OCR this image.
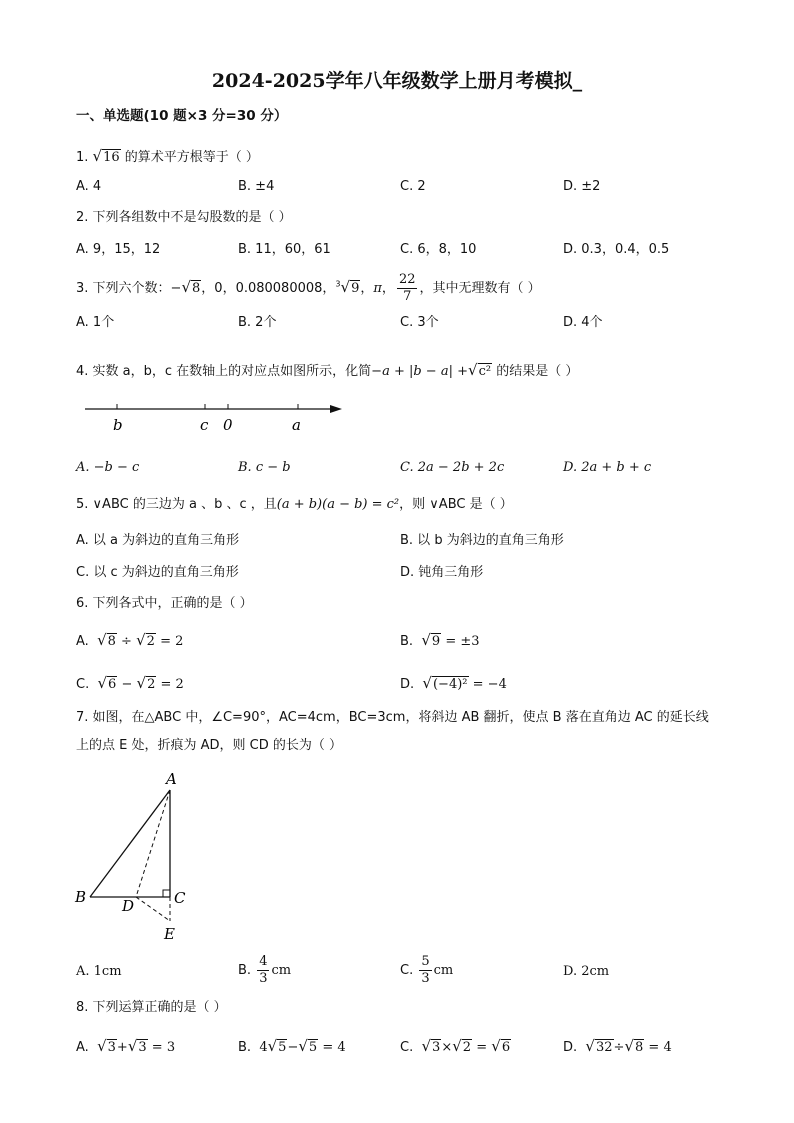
2024-2025学年八年级数学上册月考模拟_
一、单选题(10 题×3 分=30 分）
1. √16 的算术平方根等于（ ）
A. 4	B. ±4	C. 2	D. ±2
2. 下列各组数中不是勾股数的是（ ）
A. 9，15，12	B. 11，60，61	C. 6，8，10	D. 0.3，0.4，0.5
3. 下列六个数：−√8，0，0.080080008，$^3$√9，π， $\frac{22}{7}$ ，其中无理数有（ ）
A. 1个	B. 2个	C. 3个	D. 4个
4. 实数 a，b，c 在数轴上的对应点如图所示，化简−a + |b − a| +√c² 的结果是（ ）
b	c 0	a
A. −b − c	B. c − b	C. 2a − 2b + 2c	D. 2a + b + c
5. ∨ABC 的三边为 a 、b 、c ，且(a + b)(a − b) = c²，则 ∨ABC 是（ ）
A. 以 a 为斜边的直角三角形	B. 以 b 为斜边的直角三角形
C. 以 c 为斜边的直角三角形	D. 钝角三角形
6. 下列各式中，正确的是（ ）
A. √8 ÷ √2 = 2	B. √9 = ±3
C. √6 − √2 = 2	D. √(−4)² = −4
7. 如图，在△ABC 中，∠C=90°，AC=4cm，BC=3cm，将斜边 AB 翻折，使点 B 落在直角边 AC 的延长线上的点 E 处，折痕为 AD，则 CD 的长为（ ）
A
B	C
D
E
A. 1cm	B. $\frac{4}{3}$ cm	C. $\frac{5}{3}$ cm	D. 2cm
8. 下列运算正确的是（ ）
A. √3+√3 = 3	B. 4√5−√5 = 4	C. √3×√2 = √6	D. √32÷√8 = 4
